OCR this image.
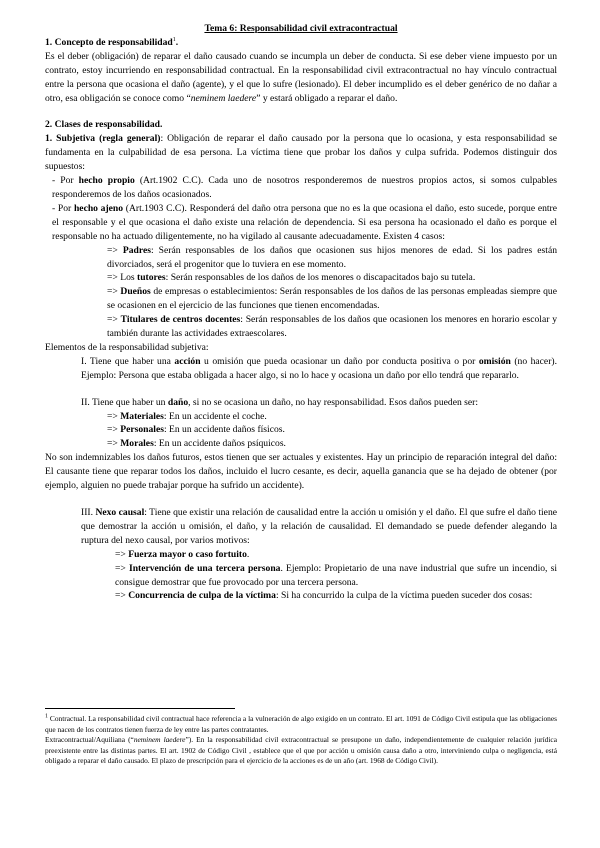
Tema 6: Responsabilidad civil extracontractual

1. Concepto de responsabilidad$^1$.

Es el deber (obligación) de reparar el daño causado cuando se incumpla un deber de conducta. Si ese deber viene impuesto por un contrato, estoy incurriendo en responsabilidad contractual. En la responsabilidad civil extracontractual no hay vínculo contractual entre la persona que ocasiona el daño (agente), y el que lo sufre (lesionado). El deber incumplido es el deber genérico de no dañar a otro, esa obligación se conoce como “neminem laedere” y estará obligado a reparar el daño.

2. Clases de responsabilidad.

1. Subjetiva (regla general): Obligación de reparar el daño causado por la persona que lo ocasiona, y esta responsabilidad se fundamenta en la culpabilidad de esa persona. La víctima tiene que probar los daños y culpa sufrida. Podemos distinguir dos supuestos:

- Por hecho propio (Art.1902 C.C). Cada uno de nosotros responderemos de nuestros propios actos, si somos culpables responderemos de los daños ocasionados.

- Por hecho ajeno (Art.1903 C.C). Responderá del daño otra persona que no es la que ocasiona el daño, esto sucede, porque entre el responsable y el que ocasiona el daño existe una relación de dependencia. Si esa persona ha ocasionado el daño es porque el responsable no ha actuado diligentemente, no ha vigilado al causante adecuadamente. Existen 4 casos:

=> Padres: Serán responsables de los daños que ocasionen sus hijos menores de edad. Si los padres están divorciados, será el progenitor que lo tuviera en ese momento.

=> Los tutores: Serán responsables de los daños de los menores o discapacitados bajo su tutela.

=> Dueños de empresas o establecimientos: Serán responsables de los daños de las personas empleadas siempre que se ocasionen en el ejercicio de las funciones que tienen encomendadas.

=> Titulares de centros docentes: Serán responsables de los daños que ocasionen los menores en horario escolar y también durante las actividades extraescolares.

Elementos de la responsabilidad subjetiva:

I. Tiene que haber una acción u omisión que pueda ocasionar un daño por conducta positiva o por omisión (no hacer). Ejemplo: Persona que estaba obligada a hacer algo, si no lo hace y ocasiona un daño por ello tendrá que repararlo.

II. Tiene que haber un daño, si no se ocasiona un daño, no hay responsabilidad. Esos daños pueden ser:

=> Materiales: En un accidente el coche.

=> Personales: En un accidente daños físicos.

=> Morales: En un accidente daños psíquicos.

No son indemnizables los daños futuros, estos tienen que ser actuales y existentes. Hay un principio de reparación integral del daño: El causante tiene que reparar todos los daños, incluido el lucro cesante, es decir, aquella ganancia que se ha dejado de obtener (por ejemplo, alguien no puede trabajar porque ha sufrido un accidente).

III. Nexo causal: Tiene que existir una relación de causalidad entre la acción u omisión y el daño. El que sufre el daño tiene que demostrar la acción u omisión, el daño, y la relación de causalidad. El demandado se puede defender alegando la ruptura del nexo causal, por varios motivos:

=> Fuerza mayor o caso fortuito.

=> Intervención de una tercera persona. Ejemplo: Propietario de una nave industrial que sufre un incendio, si consigue demostrar que fue provocado por una tercera persona.

=> Concurrencia de culpa de la víctima: Si ha concurrido la culpa de la víctima pueden suceder dos cosas:

$^1$ Contractual. La responsabilidad civil contractual hace referencia a la vulneración de algo exigido en un contrato. El art. 1091 de Código Civil estipula que las obligaciones que nacen de los contratos tienen fuerza de ley entre las partes contratantes.

Extracontractual/Aquiliana (“neminem laedere”). En la responsabilidad civil extracontractual se presupone un daño, independientemente de cualquier relación jurídica preexistente entre las distintas partes. El art. 1902 de Código Civil , establece que el que por acción u omisión causa daño a otro, interviniendo culpa o negligencia, está obligado a reparar el daño causado. El plazo de prescripción para el ejercicio de la acciones es de un año (art. 1968 de Código Civil).
